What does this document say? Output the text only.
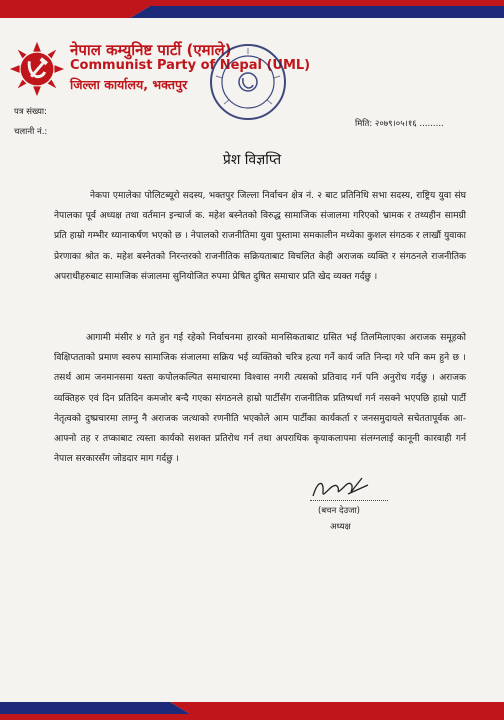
नेपाल कम्युनिष्ट पार्टी (एमाले)
Communist Party of Nepal (UML)
जिल्ला कार्यालय, भक्तपुर
पत्र संख्या:
चलानी नं.:
मिति: २०७९।०५।१६ .........
प्रेश विज्ञप्ति

नेकपा एमालेका पोलिटब्यूरो सदस्य, भक्तपुर जिल्ला निर्वाचन क्षेत्र नं. २ बाट प्रतिनिधि सभा सदस्य, राष्ट्रिय युवा संघ नेपालका पूर्व अध्यक्ष तथा वर्तमान इन्चार्ज क. महेश बस्नेतको विरुद्ध सामाजिक संजालमा गरिएको भ्रामक र तथ्यहीन सामग्री प्रति हाम्रो गम्भीर ध्यानाकर्षण भएको छ । नेपालको राजनीतिमा युवा पुस्तामा समकालीन मध्येका कुशल संगठक र लाखौं युवाका प्रेरणाका श्रोत क. महेश बस्नेतको निरन्तरको राजनीतिक सक्रियताबाट विचलित केही अराजक व्यक्ति र संगठनले राजनीतिक अपराधीहरुबाट सामाजिक संजालमा सुनियोजित रुपमा प्रेषित दुषित समाचार प्रति खेद व्यक्त गर्दछु ।

आगामी मंसीर ४ गते हुन गई रहेको निर्वाचनमा हारको मानसिकताबाट ग्रसित भई तिलमिलाएका अराजक समूहको विक्षिप्तताको प्रमाण स्वरुप सामाजिक संजालमा सक्रिय भई व्यक्तिको चरित्र हत्या गर्ने कार्य जति निन्दा गरे पनि कम हुने छ । तसर्थ आम जनमानसमा यस्ता कपोलकल्पित समाचारमा विश्वास नगरी त्यसको प्रतिवाद गर्न पनि अनुरोध गर्दछु । अराजक व्यक्तिहरु एवं दिन प्रतिदिन कमजोर बन्दै गएका संगठनले हाम्रो पार्टीसँग राजनीतिक प्रतिष्पर्धा गर्न नसक्ने भएपछि हाम्रो पार्टी नेतृत्वको दुष्प्रचारमा लाग्नु नै अराजक जत्थाको रणनीति भएकोले आम पार्टीका कार्यकर्ता र जनसमुदायले सचेततापूर्वक आ-आफ्नो तह र तप्काबाट त्यस्ता कार्यको सशक्त प्रतिरोध गर्न तथा अपराधिक कृयाकलापमा संलग्नलाई कानूनी कारवाही गर्न नेपाल सरकारसँग जोडदार माग गर्दछु ।

(बचन देउजा)
अध्यक्ष
